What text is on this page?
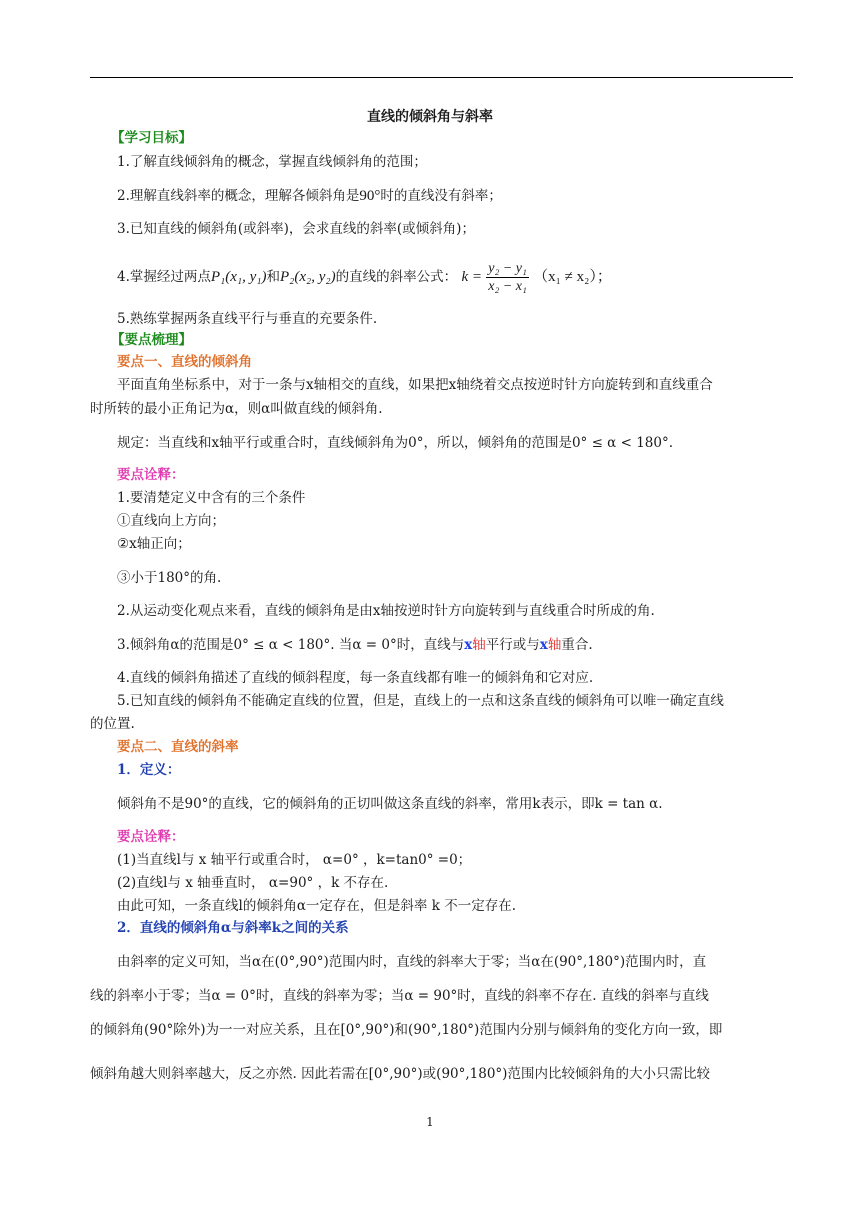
直线的倾斜角与斜率
【学习目标】
1.了解直线倾斜角的概念，掌握直线倾斜角的范围；
2.理解直线斜率的概念，理解各倾斜角是90°时的直线没有斜率；
3.已知直线的倾斜角(或斜率)，会求直线的斜率(或倾斜角)；
4.掌握经过两点P₁(x₁, y₁)和P₂(x₂, y₂)的直线的斜率公式： $k = \frac{\text{y₂ − y₁}}{\text{x₂ − x₁}} (x_1 \ne x_2)$；
5.熟练掌握两条直线平行与垂直的充要条件.
【要点梳理】
要点一、直线的倾斜角
平面直角坐标系中，对于一条与x轴相交的直线，如果把x轴绕着交点按逆时针方向旋转到和直线重合
时所转的最小正角记为α，则α叫做直线的倾斜角.
规定：当直线和x轴平行或重合时，直线倾斜角为0°，所以，倾斜角的范围是0° ≤ α < 180°.
要点诠释：
1.要清楚定义中含有的三个条件
①直线向上方向；
②x轴正向；
③小于180°的角.
2.从运动变化观点来看，直线的倾斜角是由x轴按逆时针方向旋转到与直线重合时所成的角.
3.倾斜角α的范围是0° ≤ α < 180°. 当α = 0°时，直线与x轴平行或与x轴重合.
4.直线的倾斜角描述了直线的倾斜程度，每一条直线都有唯一的倾斜角和它对应.
5.已知直线的倾斜角不能确定直线的位置，但是，直线上的一点和这条直线的倾斜角可以唯一确定直线
的位置.
要点二、直线的斜率
1．定义：
倾斜角不是90°的直线，它的倾斜角的正切叫做这条直线的斜率，常用k表示，即k = tan α.
要点诠释：
(1)当直线l与 x 轴平行或重合时， α=0° ，k=tan0° =0；
(2)直线l与 x 轴垂直时， α=90° ，k 不存在.
由此可知，一条直线l的倾斜角α一定存在，但是斜率 k 不一定存在.
2．直线的倾斜角α与斜率k之间的关系
由斜率的定义可知，当α在(0°,90°)范围内时，直线的斜率大于零；当α在(90°,180°)范围内时，直
线的斜率小于零；当α = 0°时，直线的斜率为零；当α = 90°时，直线的斜率不存在. 直线的斜率与直线
的倾斜角(90°除外)为一一对应关系，且在[0°,90°)和(90°,180°)范围内分别与倾斜角的变化方向一致，即
倾斜角越大则斜率越大，反之亦然. 因此若需在[0°,90°)或(90°,180°)范围内比较倾斜角的大小只需比较
1
